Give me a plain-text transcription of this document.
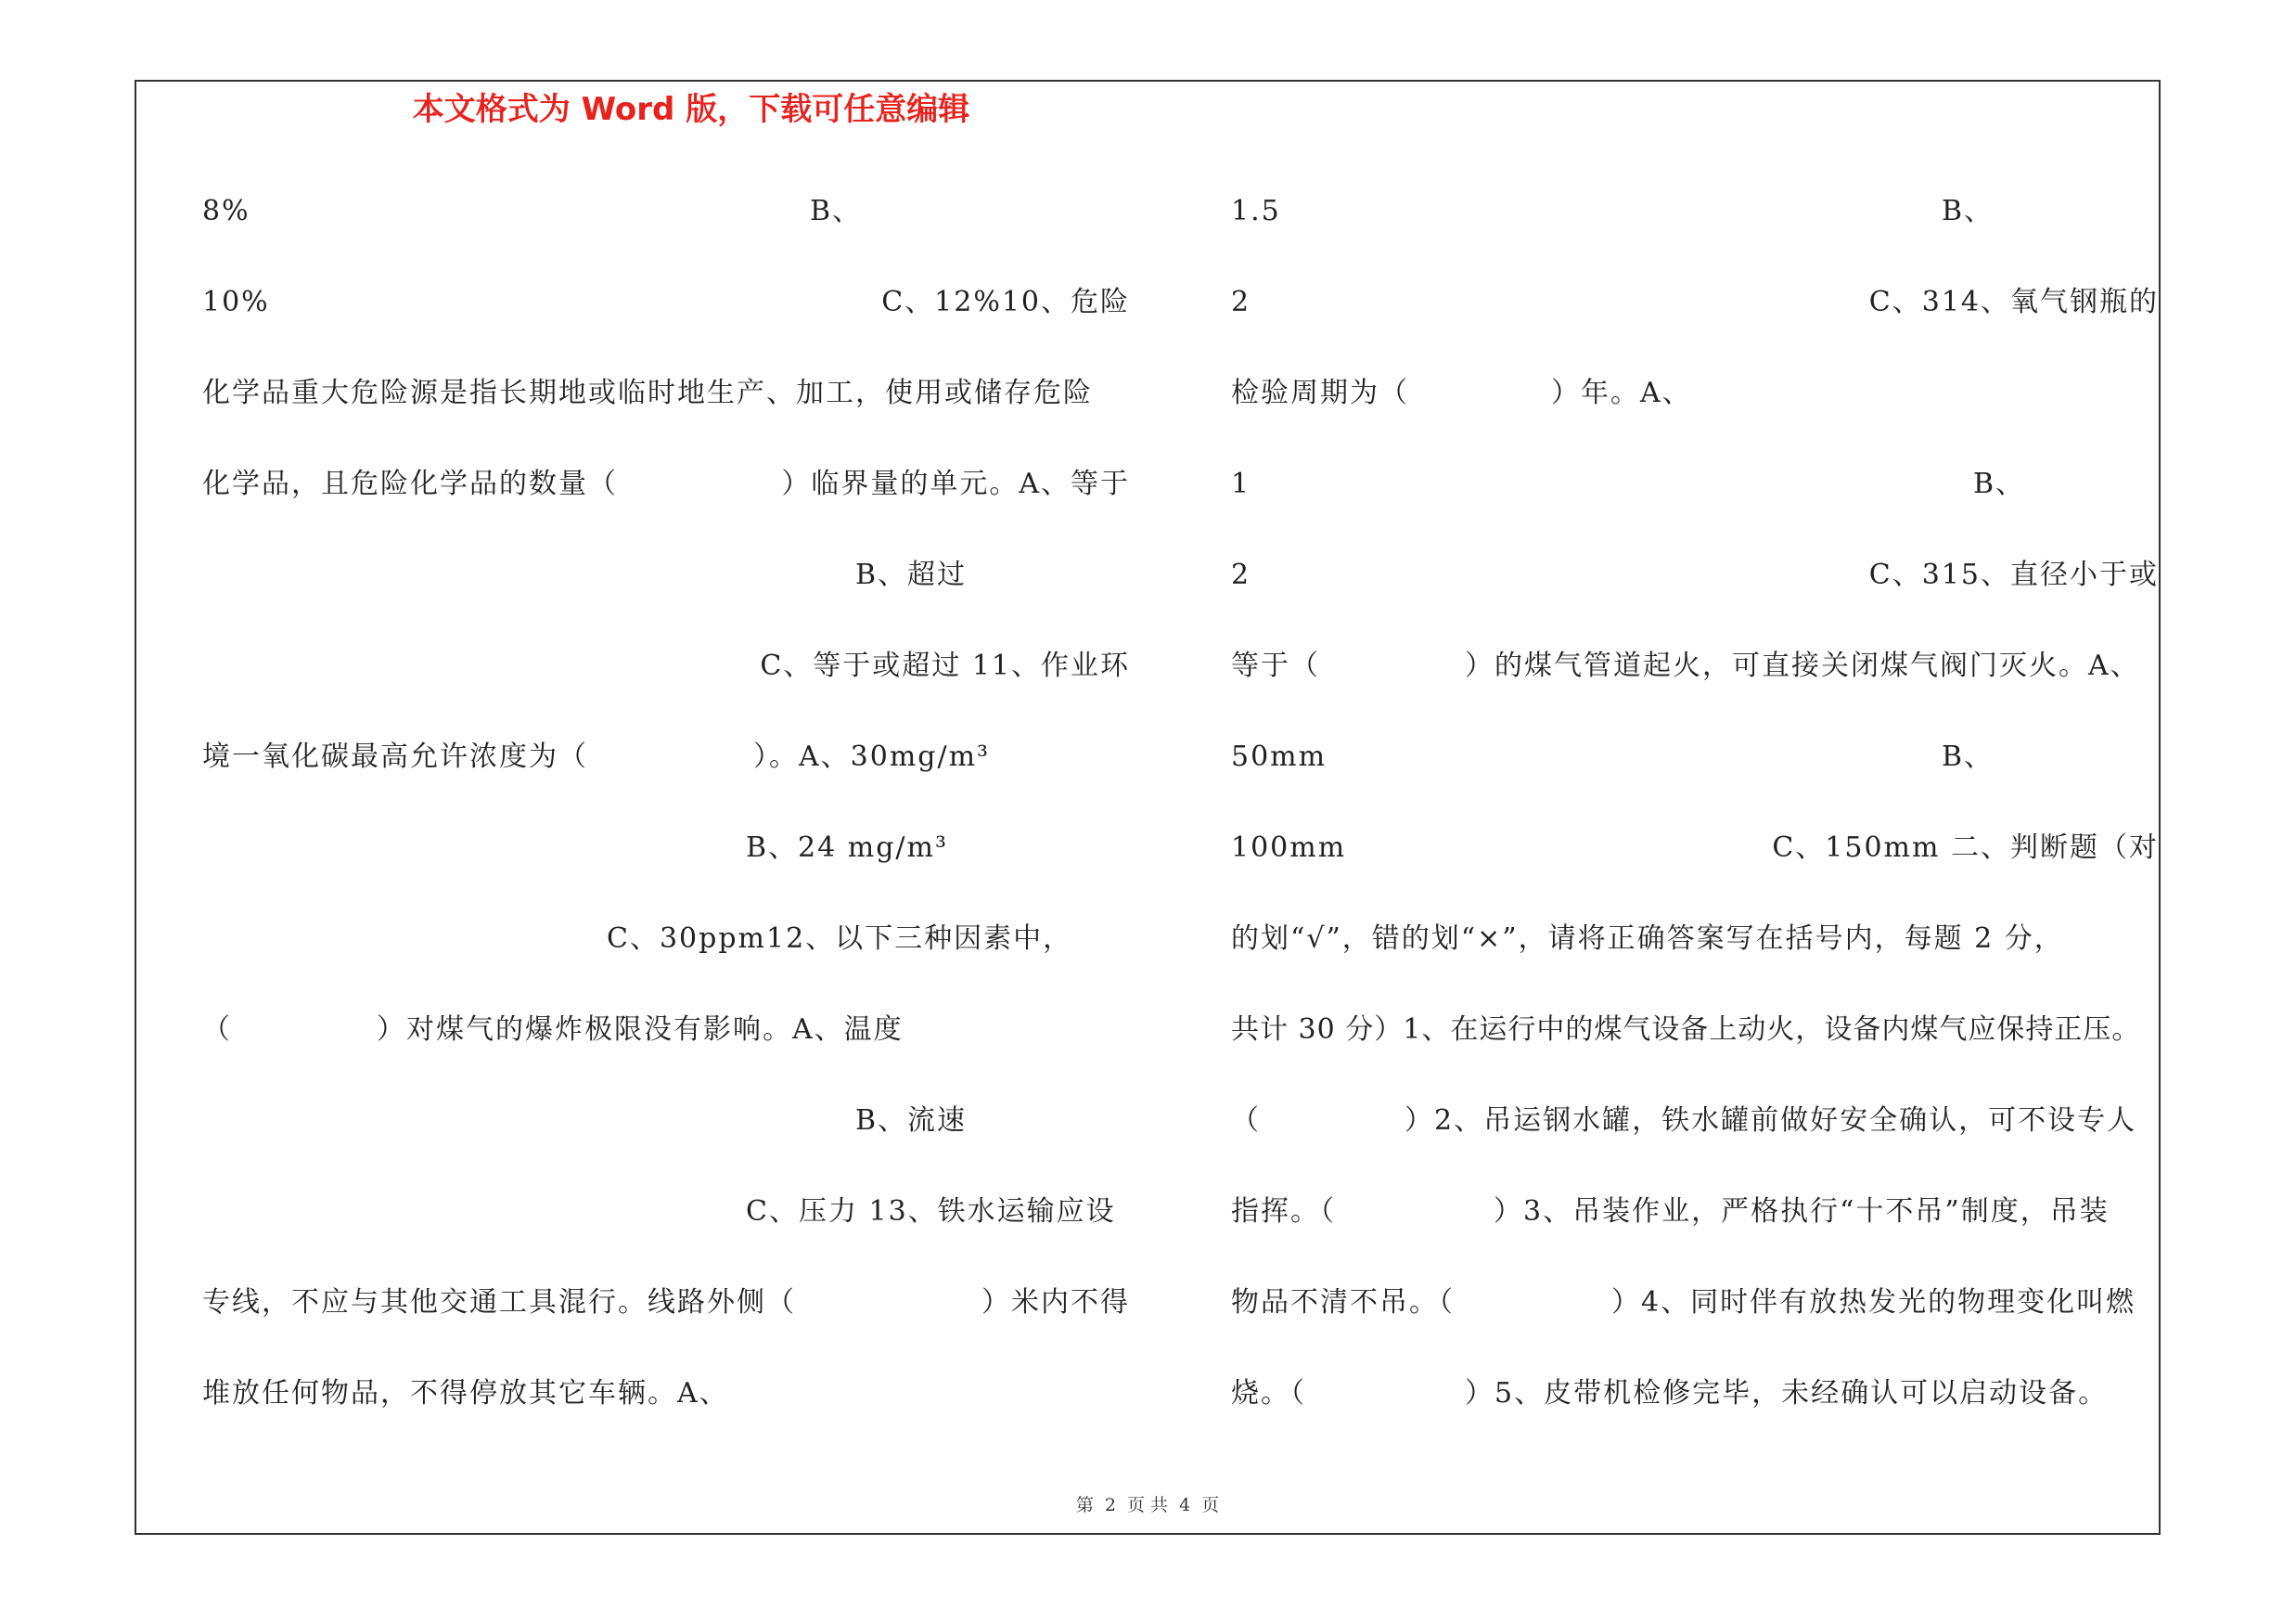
本文格式为 Word 版，下载可任意编辑
8%	B、
10%	C、12%10、危险
化学品重大危险源是指长期地或临时地生产、加工，使用或储存危险
化学品，且危险化学品的数量（	）临界量的单元。A、等于
B、超过
C、等于或超过 11、作业环
境一氧化碳最高允许浓度为（	）。A、30mg/m³
B、24 mg/m³
C、30ppm12、以下三种因素中，
（	）对煤气的爆炸极限没有影响。A、温度
B、流速
C、压力 13、铁水运输应设
专线，不应与其他交通工具混行。线路外侧（	）米内不得
堆放任何物品，不得停放其它车辆。A、
1.5	B、
2	C、314、氧气钢瓶的
检验周期为（	）年。A、
1	B、
2	C、315、直径小于或
等于（	）的煤气管道起火，可直接关闭煤气阀门灭火。A、
50mm	B、
100mm	C、150mm 二、判断题（对
的划“√”，错的划“×”，请将正确答案写在括号内，每题 2 分，
共计 30 分）1、在运行中的煤气设备上动火，设备内煤气应保持正压。
（	）2、吊运钢水罐，铁水罐前做好安全确认，可不设专人
指挥。（	）3、吊装作业，严格执行“十不吊”制度，吊装
物品不清不吊。（	）4、同时伴有放热发光的物理变化叫燃
烧。（	）5、皮带机检修完毕，未经确认可以启动设备。
第 2 页 共 4 页
